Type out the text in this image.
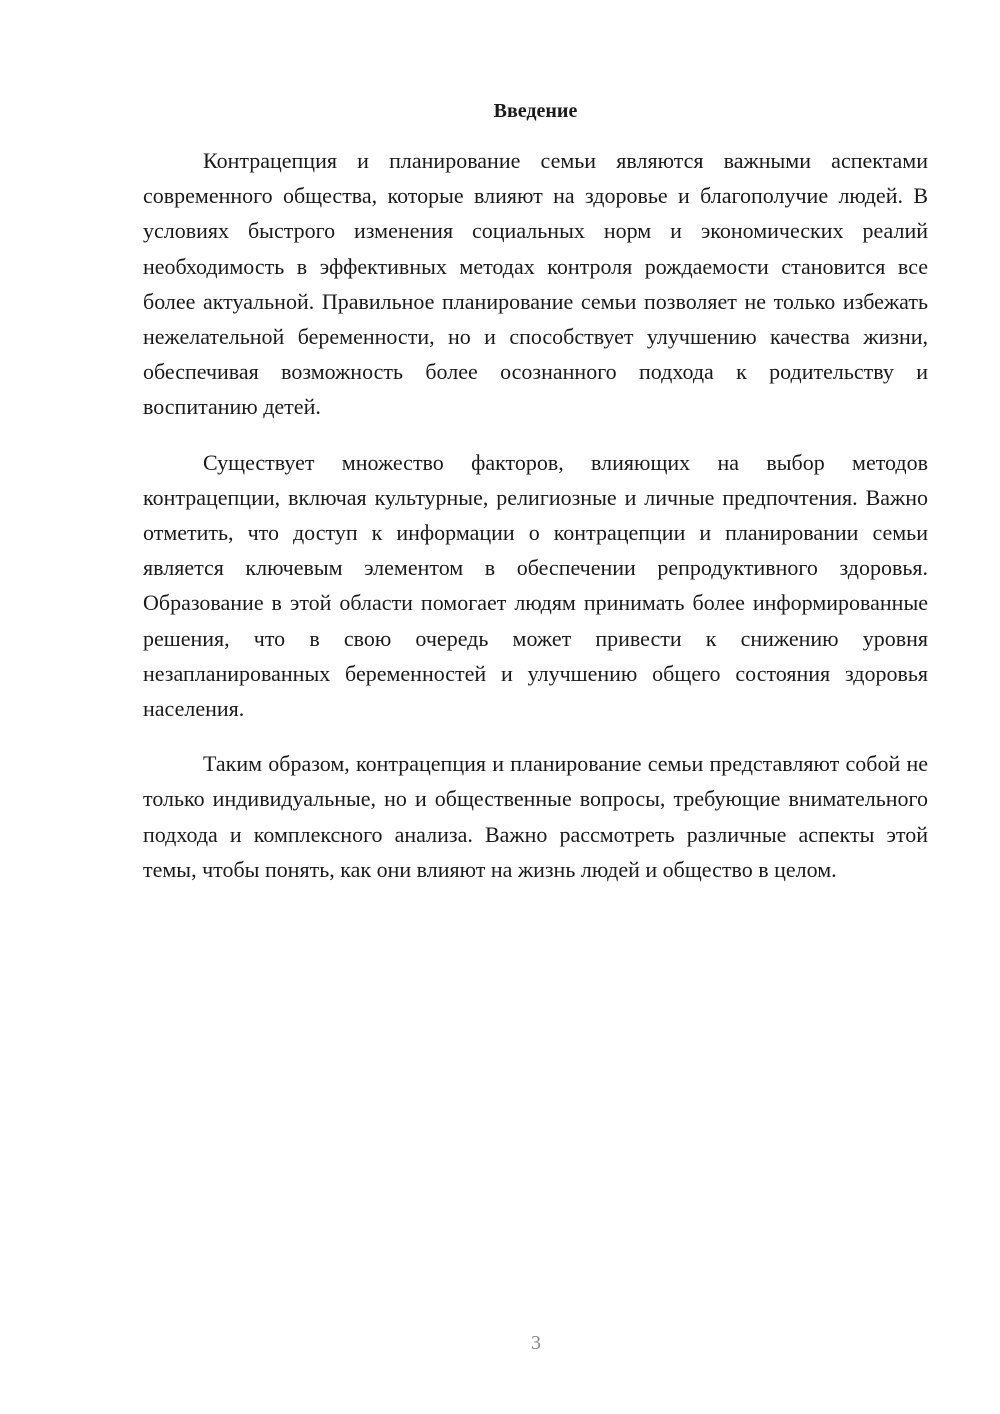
Введение

Контрацепция и планирование семьи являются важными аспектами современного общества, которые влияют на здоровье и благополучие людей. В условиях быстрого изменения социальных норм и экономических реалий необходимость в эффективных методах контроля рождаемости становится все более актуальной. Правильное планирование семьи позволяет не только избежать нежелательной беременности, но и способствует улучшению качества жизни, обеспечивая возможность более осознанного подхода к родительству и воспитанию детей.

Существует множество факторов, влияющих на выбор методов контрацепции, включая культурные, религиозные и личные предпочтения. Важно отметить, что доступ к информации о контрацепции и планировании семьи является ключевым элементом в обеспечении репродуктивного здоровья. Образование в этой области помогает людям принимать более информированные решения, что в свою очередь может привести к снижению уровня незапланированных беременностей и улучшению общего состояния здоровья населения.

Таким образом, контрацепция и планирование семьи представляют собой не только индивидуальные, но и общественные вопросы, требующие внимательного подхода и комплексного анализа. Важно рассмотреть различные аспекты этой темы, чтобы понять, как они влияют на жизнь людей и общество в целом.

3
